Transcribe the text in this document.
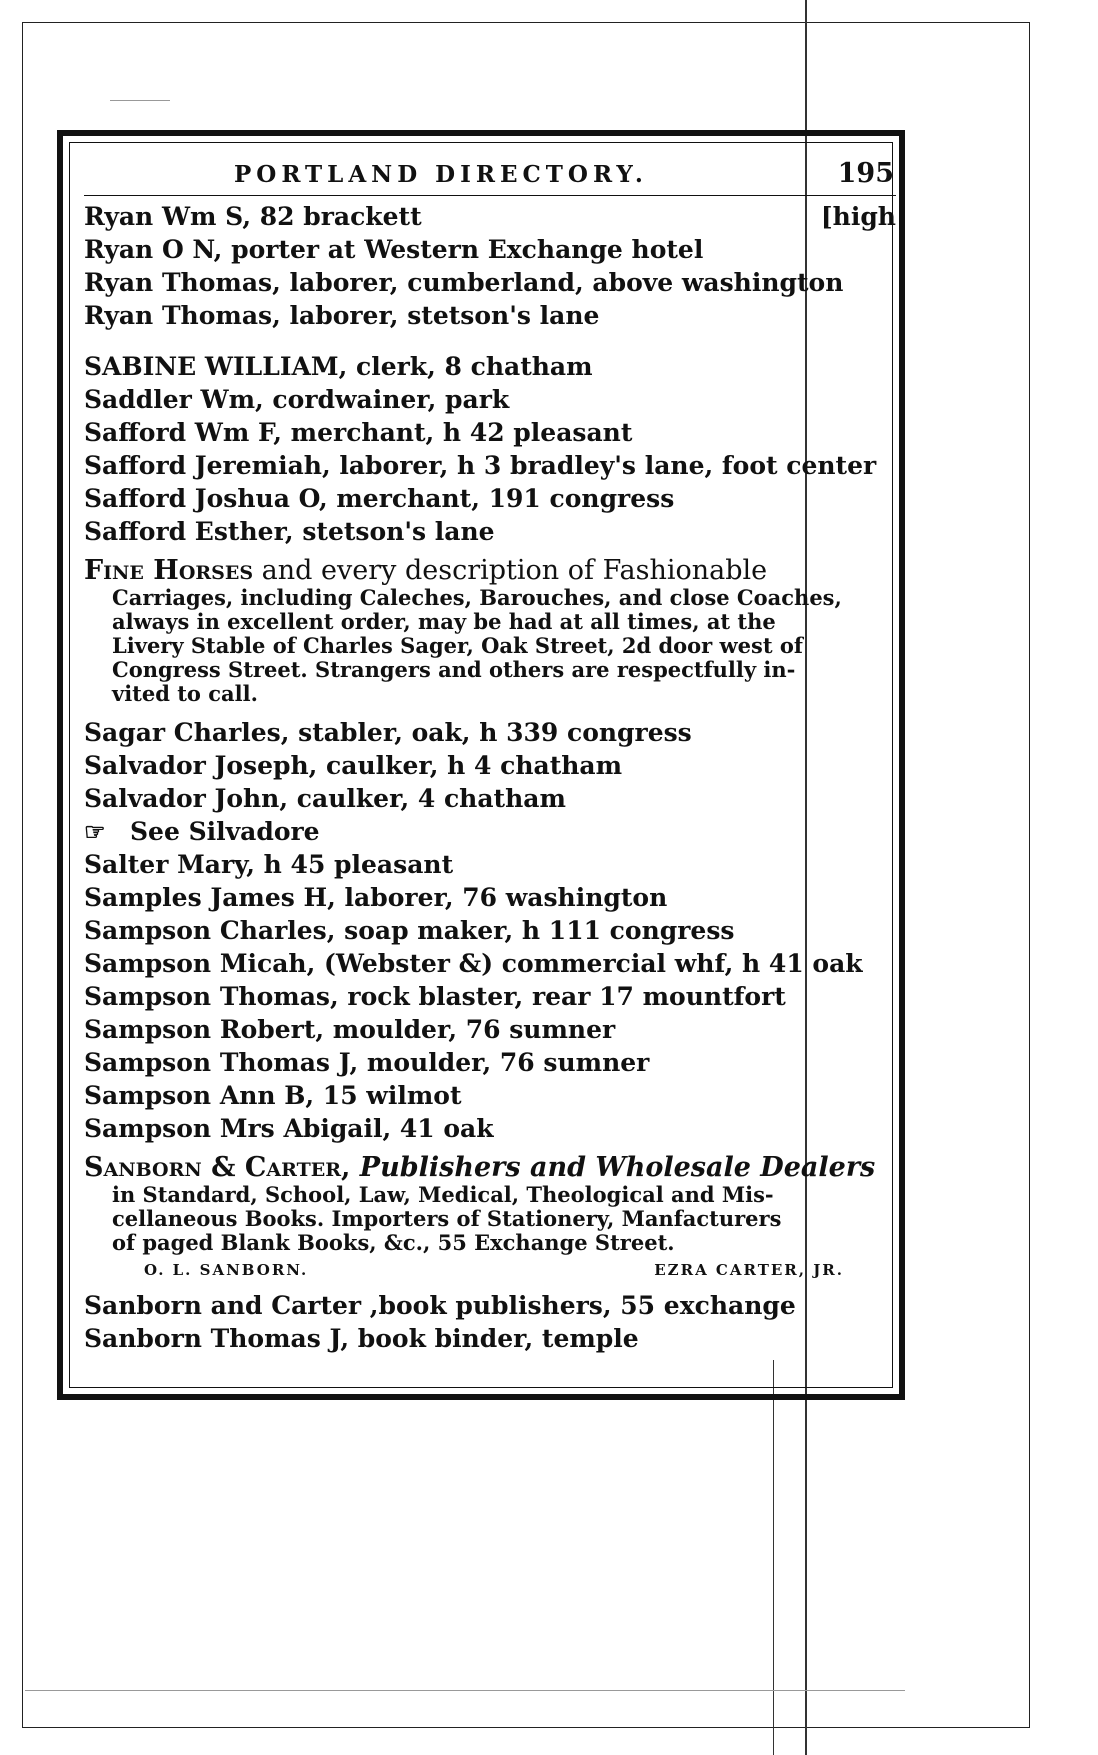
PORTLAND DIRECTORY.	195
Ryan Wm S, 82 brackett	[high
Ryan O N, porter at Western Exchange hotel
Ryan Thomas, laborer, cumberland, above washington
Ryan Thomas, laborer, stetson's lane
SABINE WILLIAM, clerk, 8 chatham
Saddler Wm, cordwainer, park
Safford Wm F, merchant, h 42 pleasant
Safford Jeremiah, laborer, h 3 bradley's lane, foot center
Safford Joshua O, merchant, 191 congress
Safford Esther, stetson's lane
Fine Horses and every description of Fashionable
Carriages, including Caleches, Barouches, and close Coaches,
always in excellent order, may be had at all times, at the
Livery Stable of Charles Sager, Oak Street, 2d door west of
Congress Street. Strangers and others are respectfully in-
vited to call.
Sagar Charles, stabler, oak, h 339 congress
Salvador Joseph, caulker, h 4 chatham
Salvador John, caulker, 4 chatham
☞ See Silvadore
Salter Mary, h 45 pleasant
Samples James H, laborer, 76 washington
Sampson Charles, soap maker, h 111 congress
Sampson Micah, (Webster &) commercial whf, h 41 oak
Sampson Thomas, rock blaster, rear 17 mountfort
Sampson Robert, moulder, 76 sumner
Sampson Thomas J, moulder, 76 sumner
Sampson Ann B, 15 wilmot
Sampson Mrs Abigail, 41 oak
Sanborn & Carter, Publishers and Wholesale Dealers
in Standard, School, Law, Medical, Theological and Mis-
cellaneous Books. Importers of Stationery, Manfacturers
of paged Blank Books, &c., 55 Exchange Street.
O. L. SANBORN.	EZRA CARTER, JR.
Sanborn and Carter ,book publishers, 55 exchange
Sanborn Thomas J, book binder, temple
